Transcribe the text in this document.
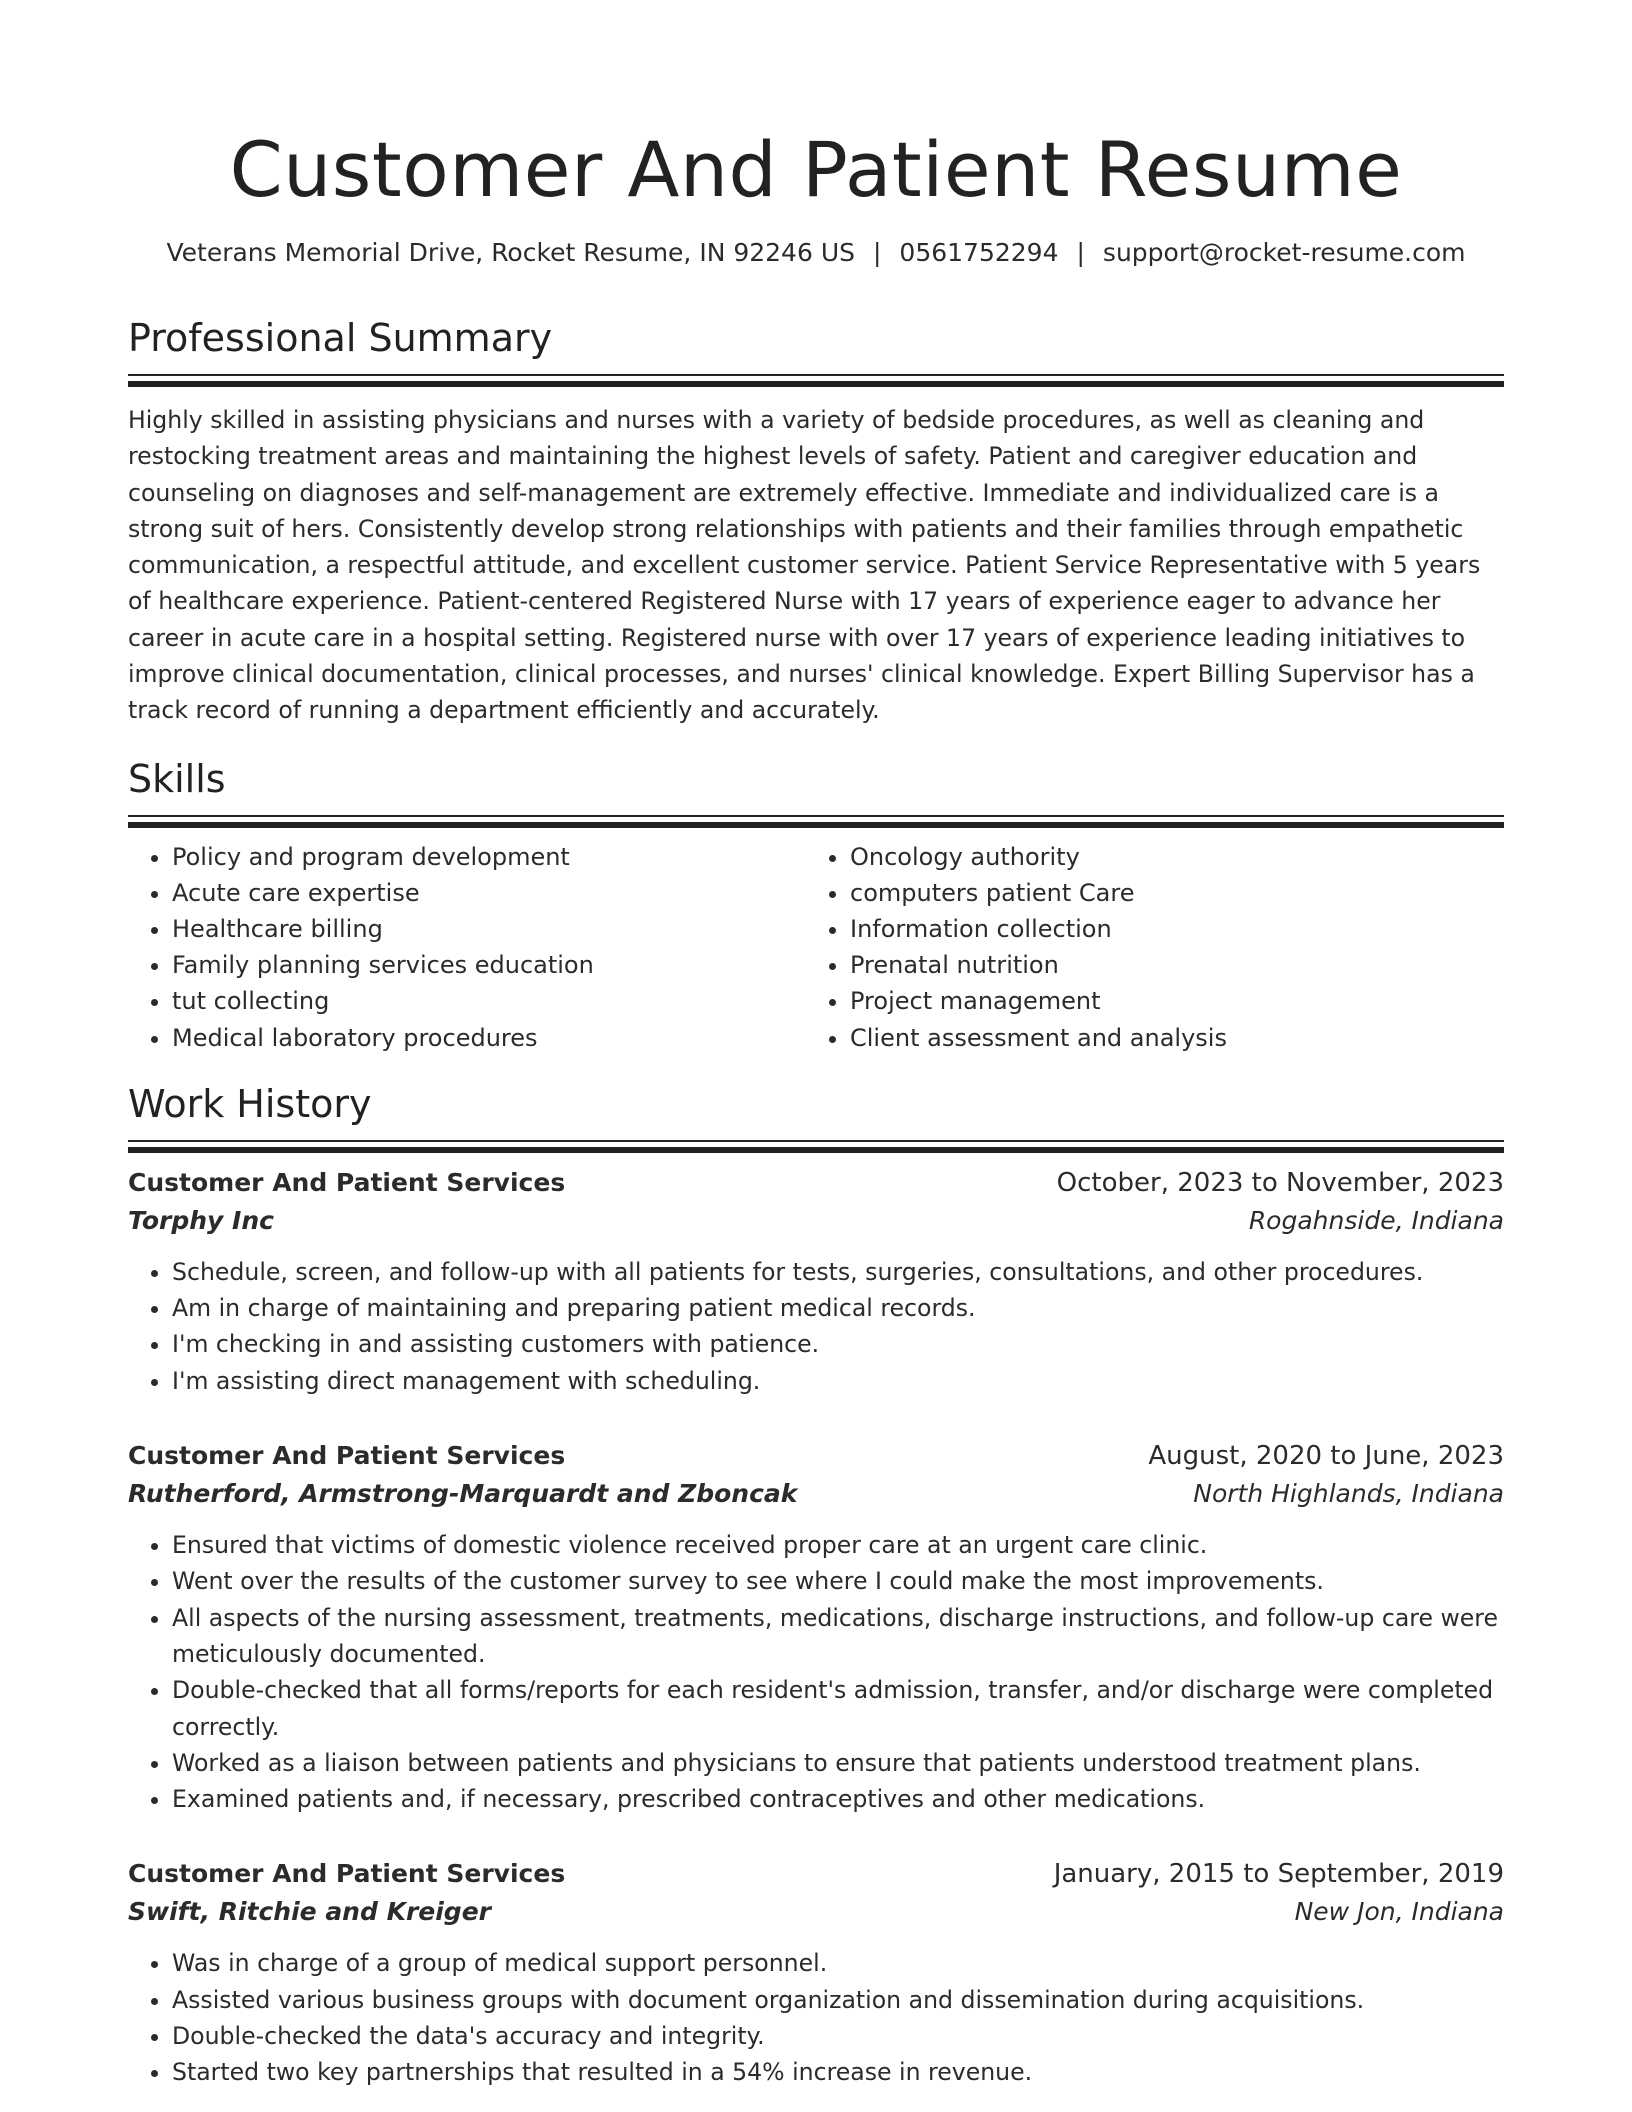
Customer And Patient Resume
Veterans Memorial Drive, Rocket Resume, IN 92246 US | 0561752294 | support@rocket-resume.com
Professional Summary

Highly skilled in assisting physicians and nurses with a variety of bedside procedures, as well as cleaning and restocking treatment areas and maintaining the highest levels of safety. Patient and caregiver education and counseling on diagnoses and self-management are extremely effective. Immediate and individualized care is a strong suit of hers. Consistently develop strong relationships with patients and their families through empathetic communication, a respectful attitude, and excellent customer service. Patient Service Representative with 5 years of healthcare experience. Patient-centered Registered Nurse with 17 years of experience eager to advance her career in acute care in a hospital setting. Registered nurse with over 17 years of experience leading initiatives to improve clinical documentation, clinical processes, and nurses' clinical knowledge. Expert Billing Supervisor has a track record of running a department efficiently and accurately.

Skills
• Policy and program development
• Acute care expertise
• Healthcare billing
• Family planning services education
• tut collecting
• Medical laboratory procedures
• Oncology authority
• computers patient Care
• Information collection
• Prenatal nutrition
• Project management
• Client assessment and analysis
Work History
Customer And Patient Services	October, 2023 to November, 2023
Torphy Inc	Rogahnside, Indiana
• Schedule, screen, and follow-up with all patients for tests, surgeries, consultations, and other procedures.
• Am in charge of maintaining and preparing patient medical records.
• I'm checking in and assisting customers with patience.
• I'm assisting direct management with scheduling.
Customer And Patient Services	August, 2020 to June, 2023
Rutherford, Armstrong-Marquardt and Zboncak	North Highlands, Indiana
• Ensured that victims of domestic violence received proper care at an urgent care clinic.
• Went over the results of the customer survey to see where I could make the most improvements.
• All aspects of the nursing assessment, treatments, medications, discharge instructions, and follow-up care were meticulously documented.
• Double-checked that all forms/reports for each resident's admission, transfer, and/or discharge were completed correctly.
• Worked as a liaison between patients and physicians to ensure that patients understood treatment plans.
• Examined patients and, if necessary, prescribed contraceptives and other medications.
Customer And Patient Services	January, 2015 to September, 2019
Swift, Ritchie and Kreiger	New Jon, Indiana
• Was in charge of a group of medical support personnel.
• Assisted various business groups with document organization and dissemination during acquisitions.
• Double-checked the data's accuracy and integrity.
• Started two key partnerships that resulted in a 54% increase in revenue.
